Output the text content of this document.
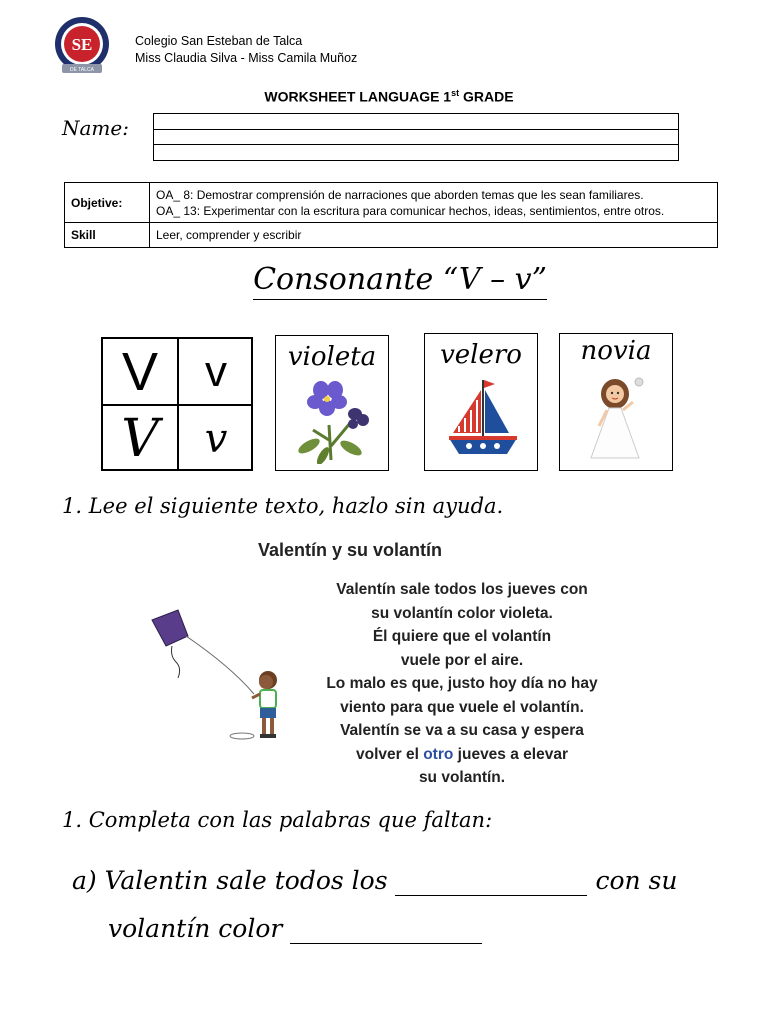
SE
DE TALCA
Colegio San Esteban de Talca
Miss Claudia Silva - Miss Camila Muñoz
WORKSHEET LANGUAGE 1st GRADE
Name:
Objetive:	OA_ 8: Demostrar comprensión de narraciones que aborden temas que les sean familiares.
OA_ 13: Experimentar con la escritura para comunicar hechos, ideas, sentimientos, entre otros.

Skill	Leer, comprender y escribir
Consonante “V – v”
V v
V v
violeta	velero	novia
1. Lee el siguiente texto, hazlo sin ayuda.
Valentín y su volantín
Valentín sale todos los jueves con
su volantín color violeta.
Él quiere que el volantín
vuele por el aire.
Lo malo es que, justo hoy día no hay
viento para que vuele el volantín.
Valentín se va a su casa y espera
volver el otro jueves a elevar
su volantín.
1. Completa con las palabras que faltan:
a) Valentin sale todos los	con su
volantín color
